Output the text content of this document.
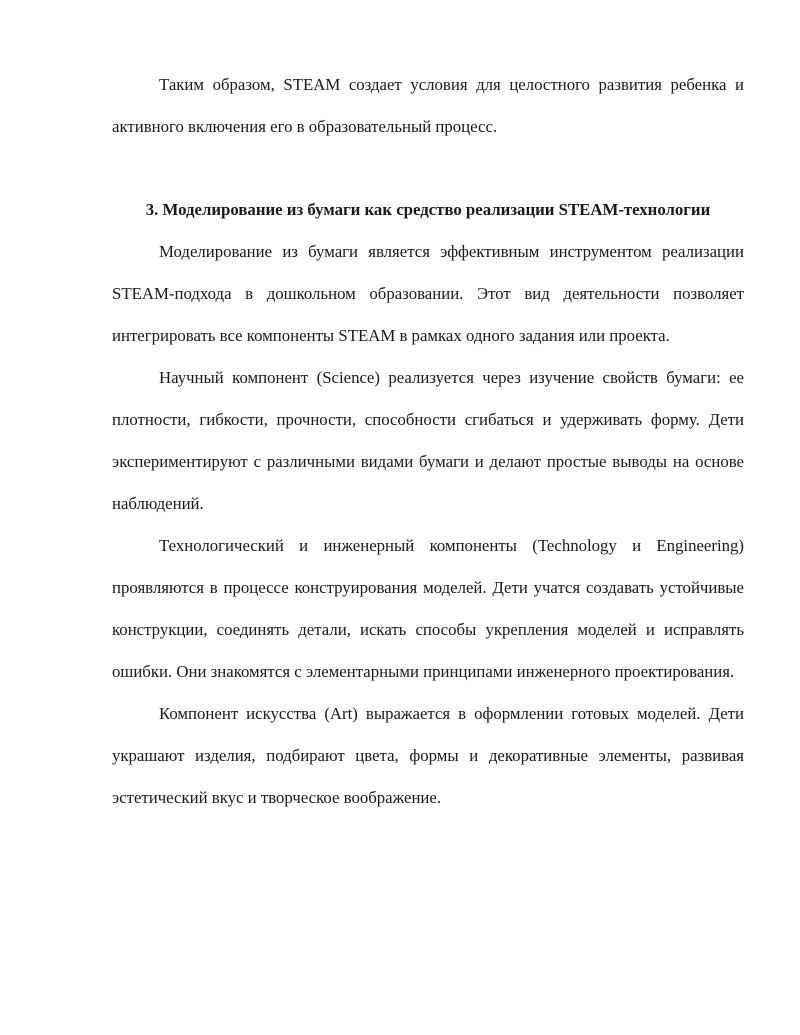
Таким образом, STEAM создает условия для целостного развития ребенка и активного включения его в образовательный процесс.

3. Моделирование из бумаги как средство реализации STEAM-технологии

Моделирование из бумаги является эффективным инструментом реализации STEAM-подхода в дошкольном образовании. Этот вид деятельности позволяет интегрировать все компоненты STEAM в рамках одного задания или проекта.

Научный компонент (Science) реализуется через изучение свойств бумаги: ее плотности, гибкости, прочности, способности сгибаться и удерживать форму. Дети экспериментируют с различными видами бумаги и делают простые выводы на основе наблюдений.

Технологический и инженерный компоненты (Technology и Engineering) проявляются в процессе конструирования моделей. Дети учатся создавать устойчивые конструкции, соединять детали, искать способы укрепления моделей и исправлять ошибки. Они знакомятся с элементарными принципами инженерного проектирования.

Компонент искусства (Art) выражается в оформлении готовых моделей. Дети украшают изделия, подбирают цвета, формы и декоративные элементы, развивая эстетический вкус и творческое воображение.
